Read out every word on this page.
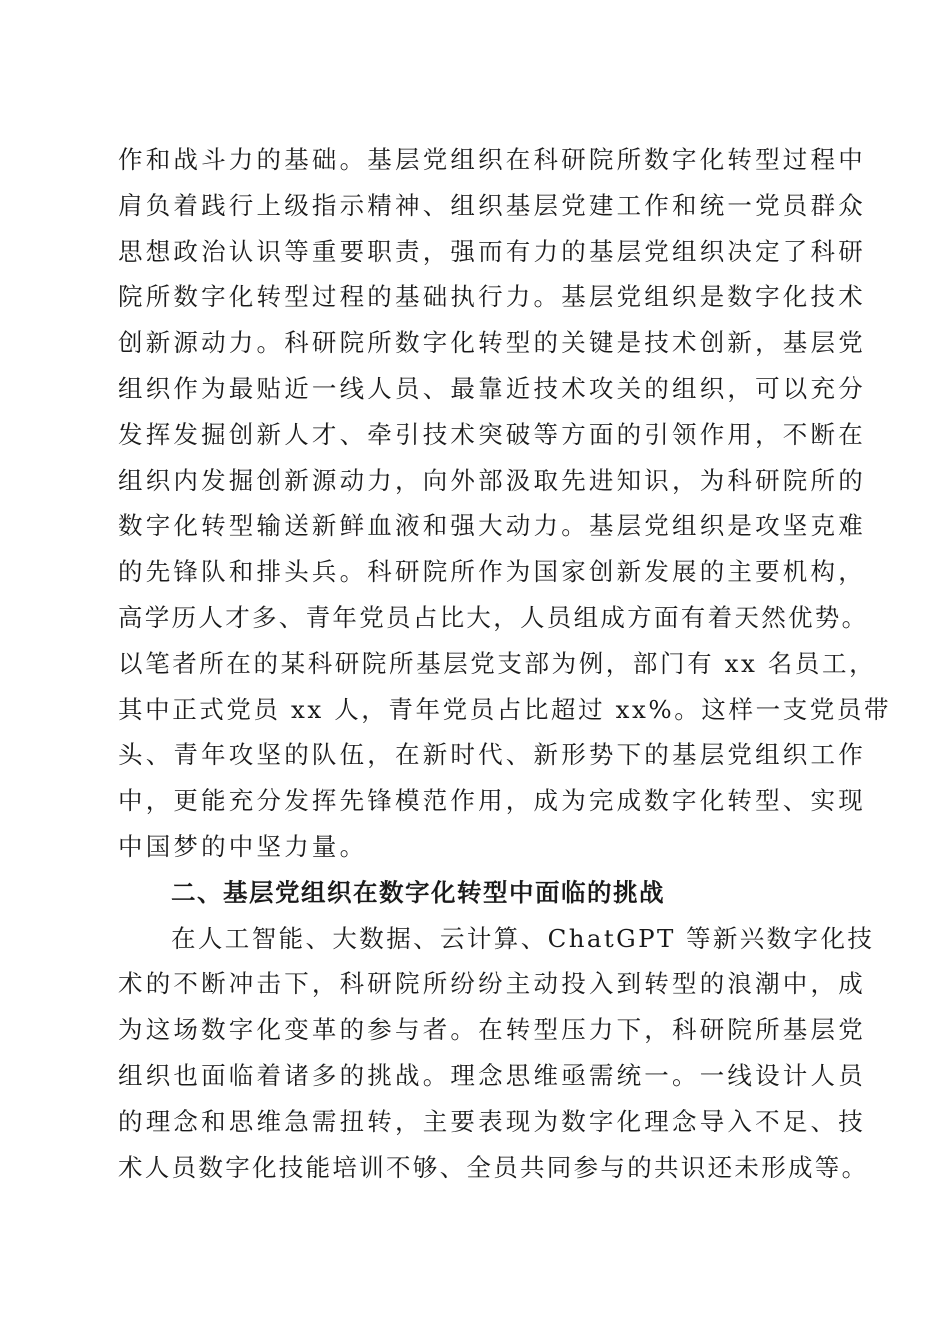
作和战斗力的基础。基层党组织在科研院所数字化转型过程中
肩负着践行上级指示精神、组织基层党建工作和统一党员群众
思想政治认识等重要职责，强而有力的基层党组织决定了科研
院所数字化转型过程的基础执行力。基层党组织是数字化技术
创新源动力。科研院所数字化转型的关键是技术创新，基层党
组织作为最贴近一线人员、最靠近技术攻关的组织，可以充分
发挥发掘创新人才、牵引技术突破等方面的引领作用，不断在
组织内发掘创新源动力，向外部汲取先进知识，为科研院所的
数字化转型输送新鲜血液和强大动力。基层党组织是攻坚克难
的先锋队和排头兵。科研院所作为国家创新发展的主要机构，
高学历人才多、青年党员占比大，人员组成方面有着天然优势。
以笔者所在的某科研院所基层党支部为例，部门有 xx 名员工，
其中正式党员 xx 人，青年党员占比超过 xx%。这样一支党员带
头、青年攻坚的队伍，在新时代、新形势下的基层党组织工作
中，更能充分发挥先锋模范作用，成为完成数字化转型、实现
中国梦的中坚力量。
二、基层党组织在数字化转型中面临的挑战
在人工智能、大数据、云计算、ChatGPT 等新兴数字化技
术的不断冲击下，科研院所纷纷主动投入到转型的浪潮中，成
为这场数字化变革的参与者。在转型压力下，科研院所基层党
组织也面临着诸多的挑战。理念思维亟需统一。一线设计人员
的理念和思维急需扭转，主要表现为数字化理念导入不足、技
术人员数字化技能培训不够、全员共同参与的共识还未形成等。
